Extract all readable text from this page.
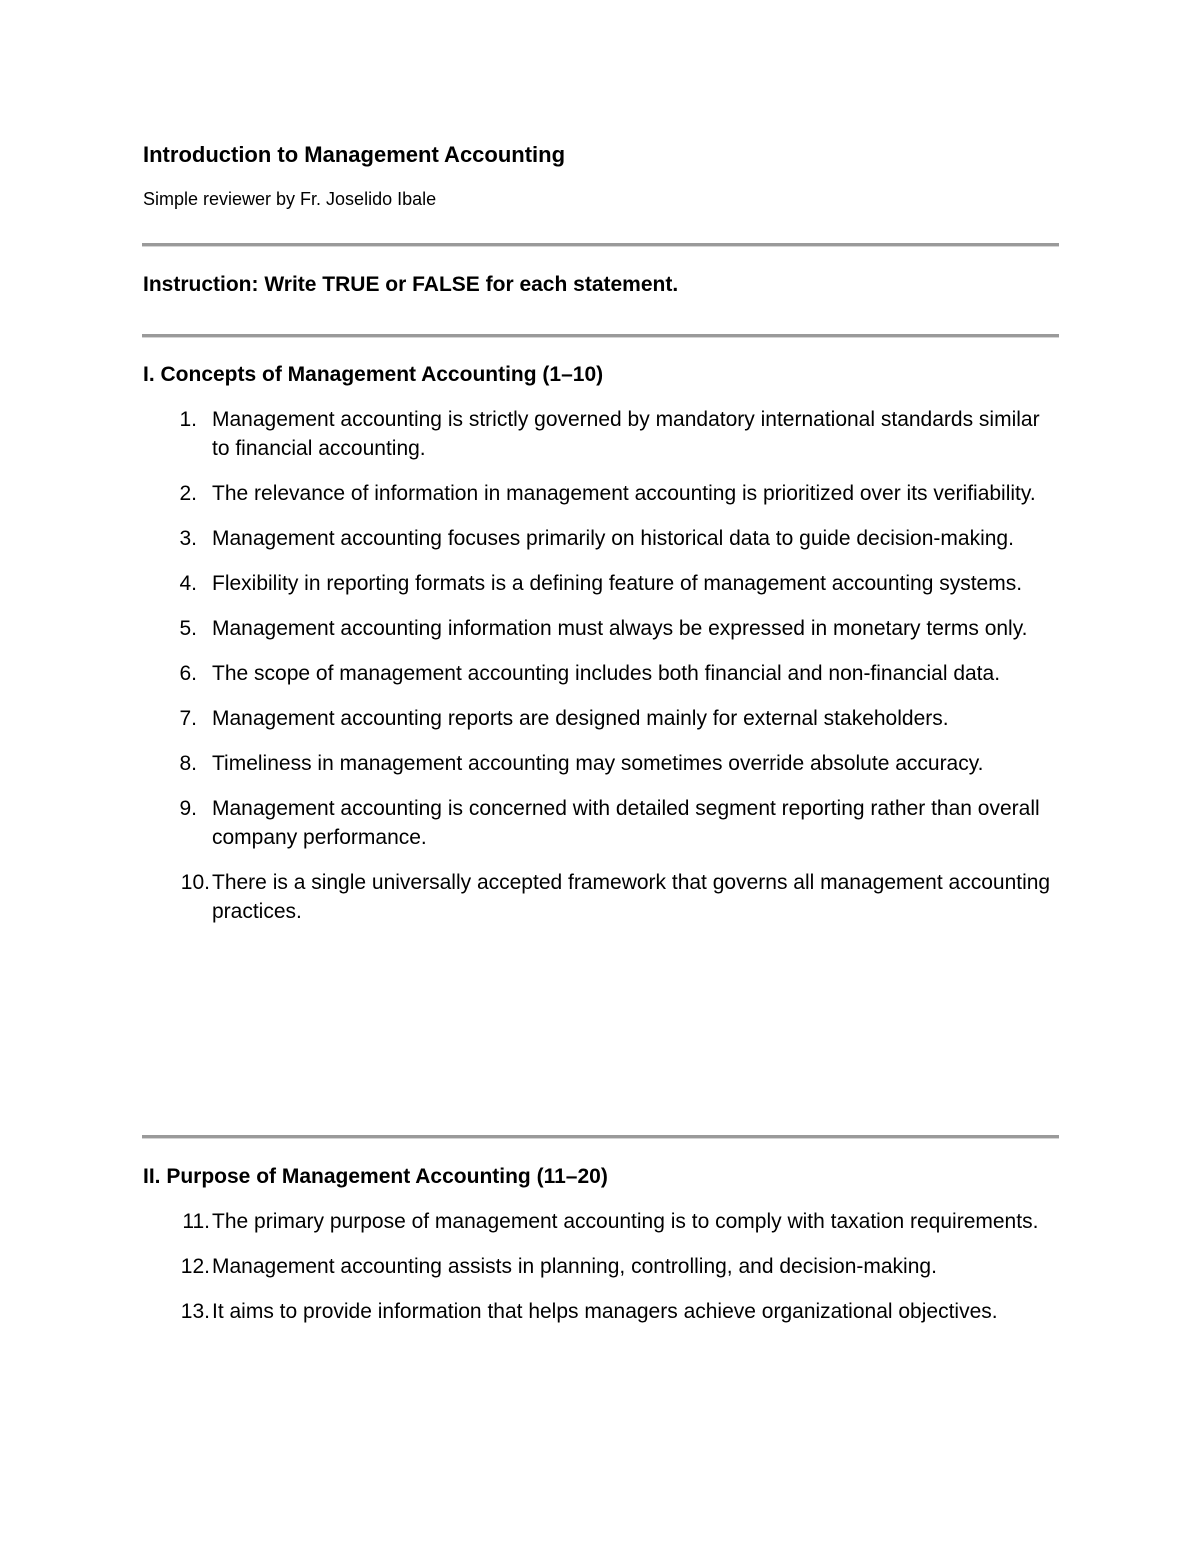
Introduction to Management Accounting
Simple reviewer by Fr. Joselido Ibale
Instruction: Write TRUE or FALSE for each statement.
I. Concepts of Management Accounting (1–10)
1. Management accounting is strictly governed by mandatory international standards similar to financial accounting.
2. The relevance of information in management accounting is prioritized over its verifiability.
3. Management accounting focuses primarily on historical data to guide decision-making.
4. Flexibility in reporting formats is a defining feature of management accounting systems.
5. Management accounting information must always be expressed in monetary terms only.
6. The scope of management accounting includes both financial and non-financial data.
7. Management accounting reports are designed mainly for external stakeholders.
8. Timeliness in management accounting may sometimes override absolute accuracy.
9. Management accounting is concerned with detailed segment reporting rather than overall company performance.
10. There is a single universally accepted framework that governs all management accounting practices.
II. Purpose of Management Accounting (11–20)
11. The primary purpose of management accounting is to comply with taxation requirements.
12. Management accounting assists in planning, controlling, and decision-making.
13. It aims to provide information that helps managers achieve organizational objectives.
